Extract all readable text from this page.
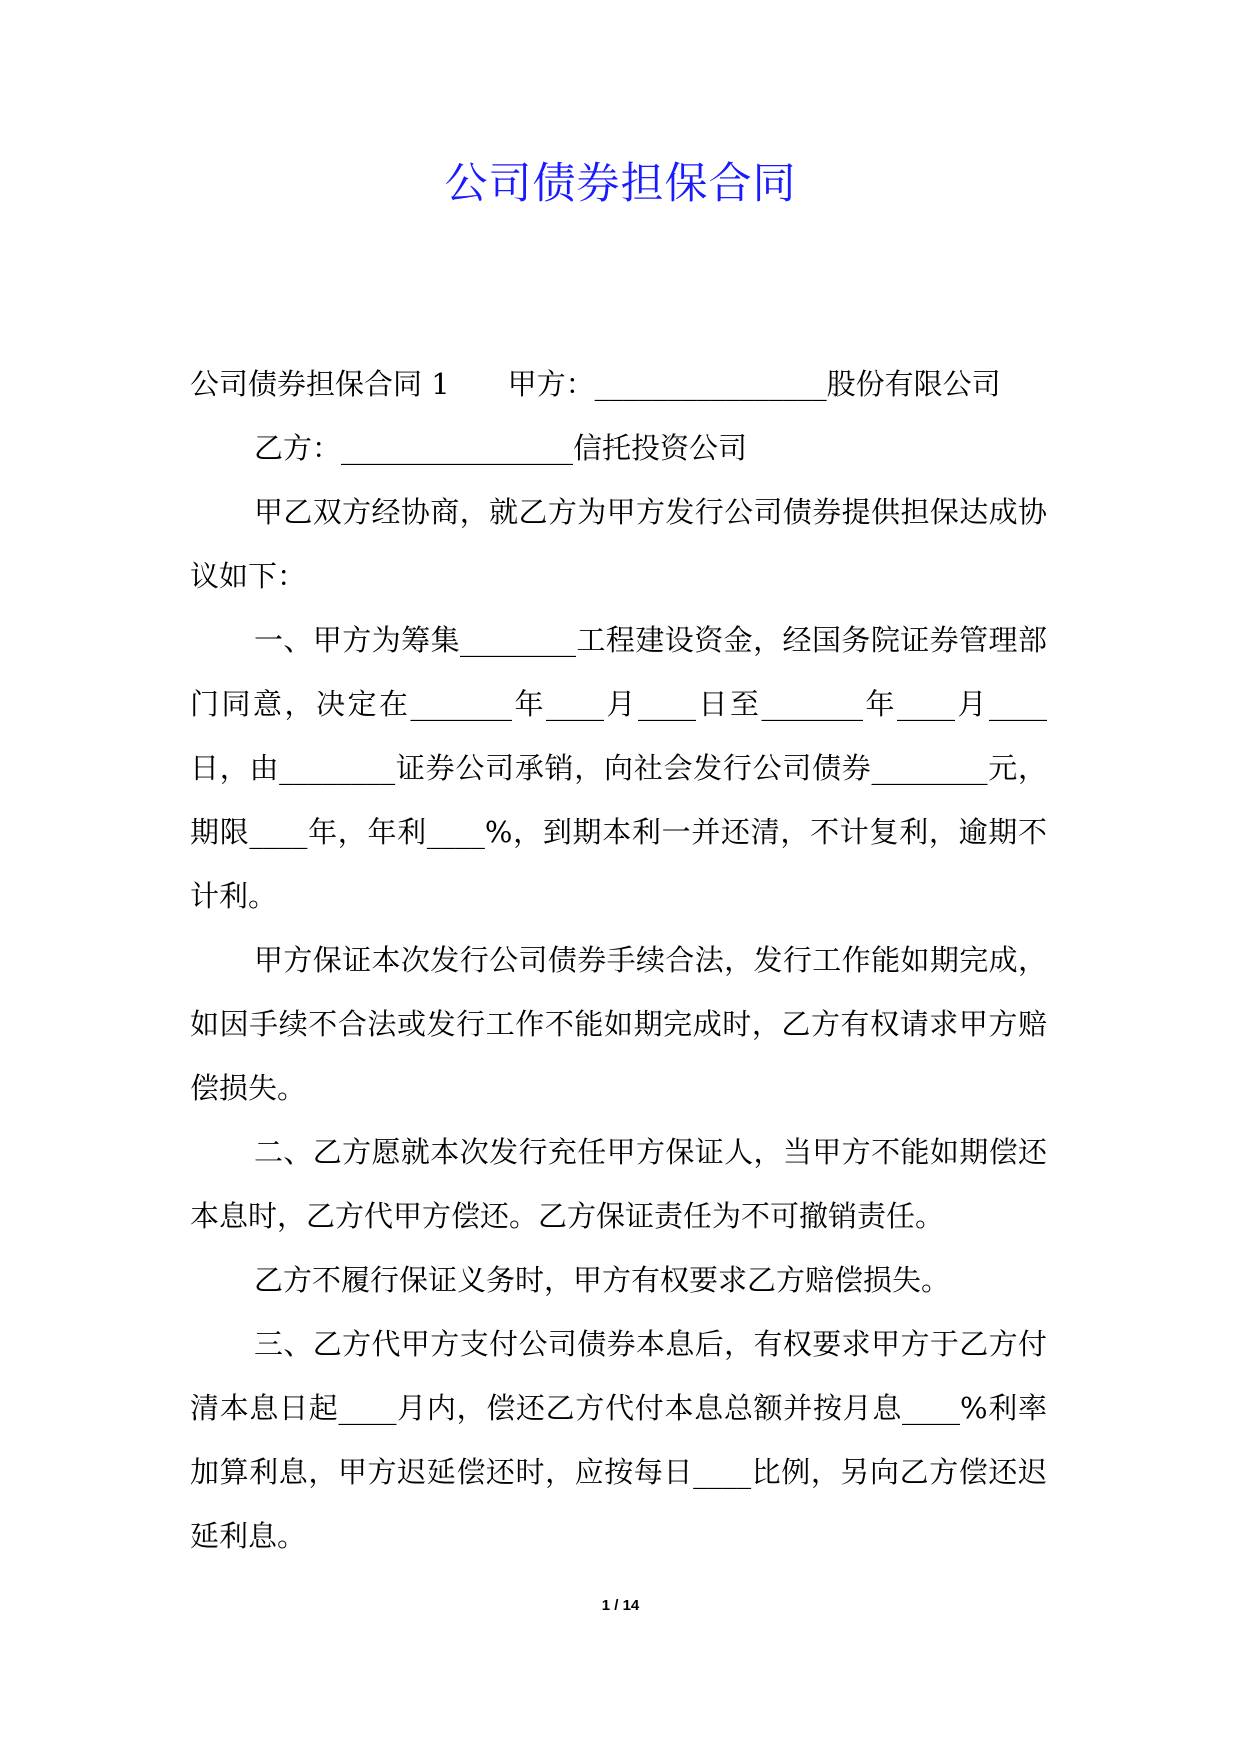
公司债券担保合同

公司债券担保合同 1　　甲方：________________股份有限公司

乙方：________________信托投资公司

甲乙双方经协商，就乙方为甲方发行公司债券提供担保达成协议如下：

一、甲方为筹集________工程建设资金，经国务院证券管理部门同意，决定在_______年____月____日至_______年____月____日，由________证券公司承销，向社会发行公司债券________元，期限____年，年利____%，到期本利一并还清，不计复利，逾期不计利。

甲方保证本次发行公司债券手续合法，发行工作能如期完成，如因手续不合法或发行工作不能如期完成时，乙方有权请求甲方赔偿损失。

二、乙方愿就本次发行充任甲方保证人，当甲方不能如期偿还本息时，乙方代甲方偿还。乙方保证责任为不可撤销责任。

乙方不履行保证义务时，甲方有权要求乙方赔偿损失。

三、乙方代甲方支付公司债券本息后，有权要求甲方于乙方付清本息日起____月内，偿还乙方代付本息总额并按月息____%利率加算利息，甲方迟延偿还时，应按每日____比例，另向乙方偿还迟延利息。

1 / 14
